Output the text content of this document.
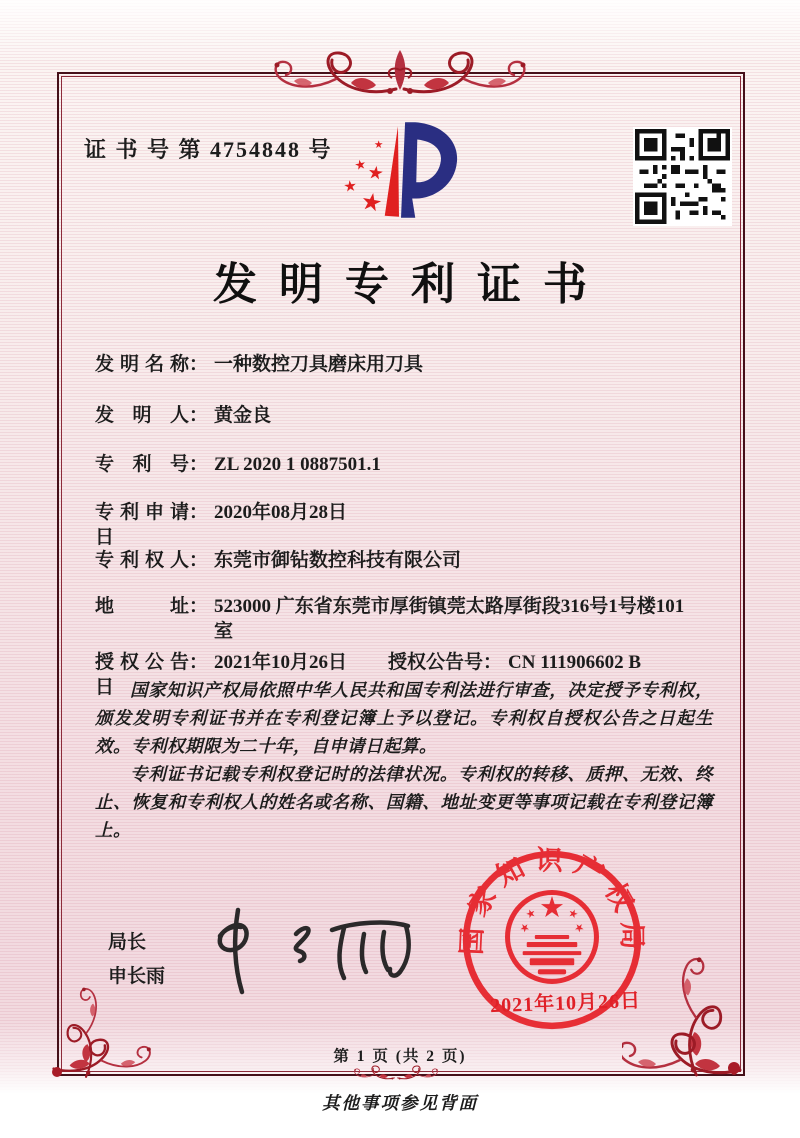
证 书 号 第 4754848 号
发明专利证书
发明名称 ： 一种数控刀具磨床用刀具
发明人 ： 黄金良
专利号 ： ZL 2020 1 0887501.1
专利申请日
： 2020年08月28日
专利权人 ： 东莞市御钻数控科技有限公司
地址 ： 523000 广东省东莞市厚街镇莞太路厚街段316号1号楼101室
授权公告日
： 2021年10月26日 授权公告号 ： CN 111906602 B

国家知识产权局依照中华人民共和国专利法进行审查，决定授予专利权，颁发发明专利证书并在专利登记簿上予以登记。专利权自授权公告之日起生效。专利权期限为二十年，自申请日起算。

专利证书记载专利权登记时的法律状况。专利权的转移、质押、无效、终止、恢复和专利权人的姓名或名称、国籍、地址变更等事项记载在专利登记簿上。

局长
申长雨
国家知识产权局
2021年10月26日
第 1 页 (共 2 页)
其他事项参见背面
